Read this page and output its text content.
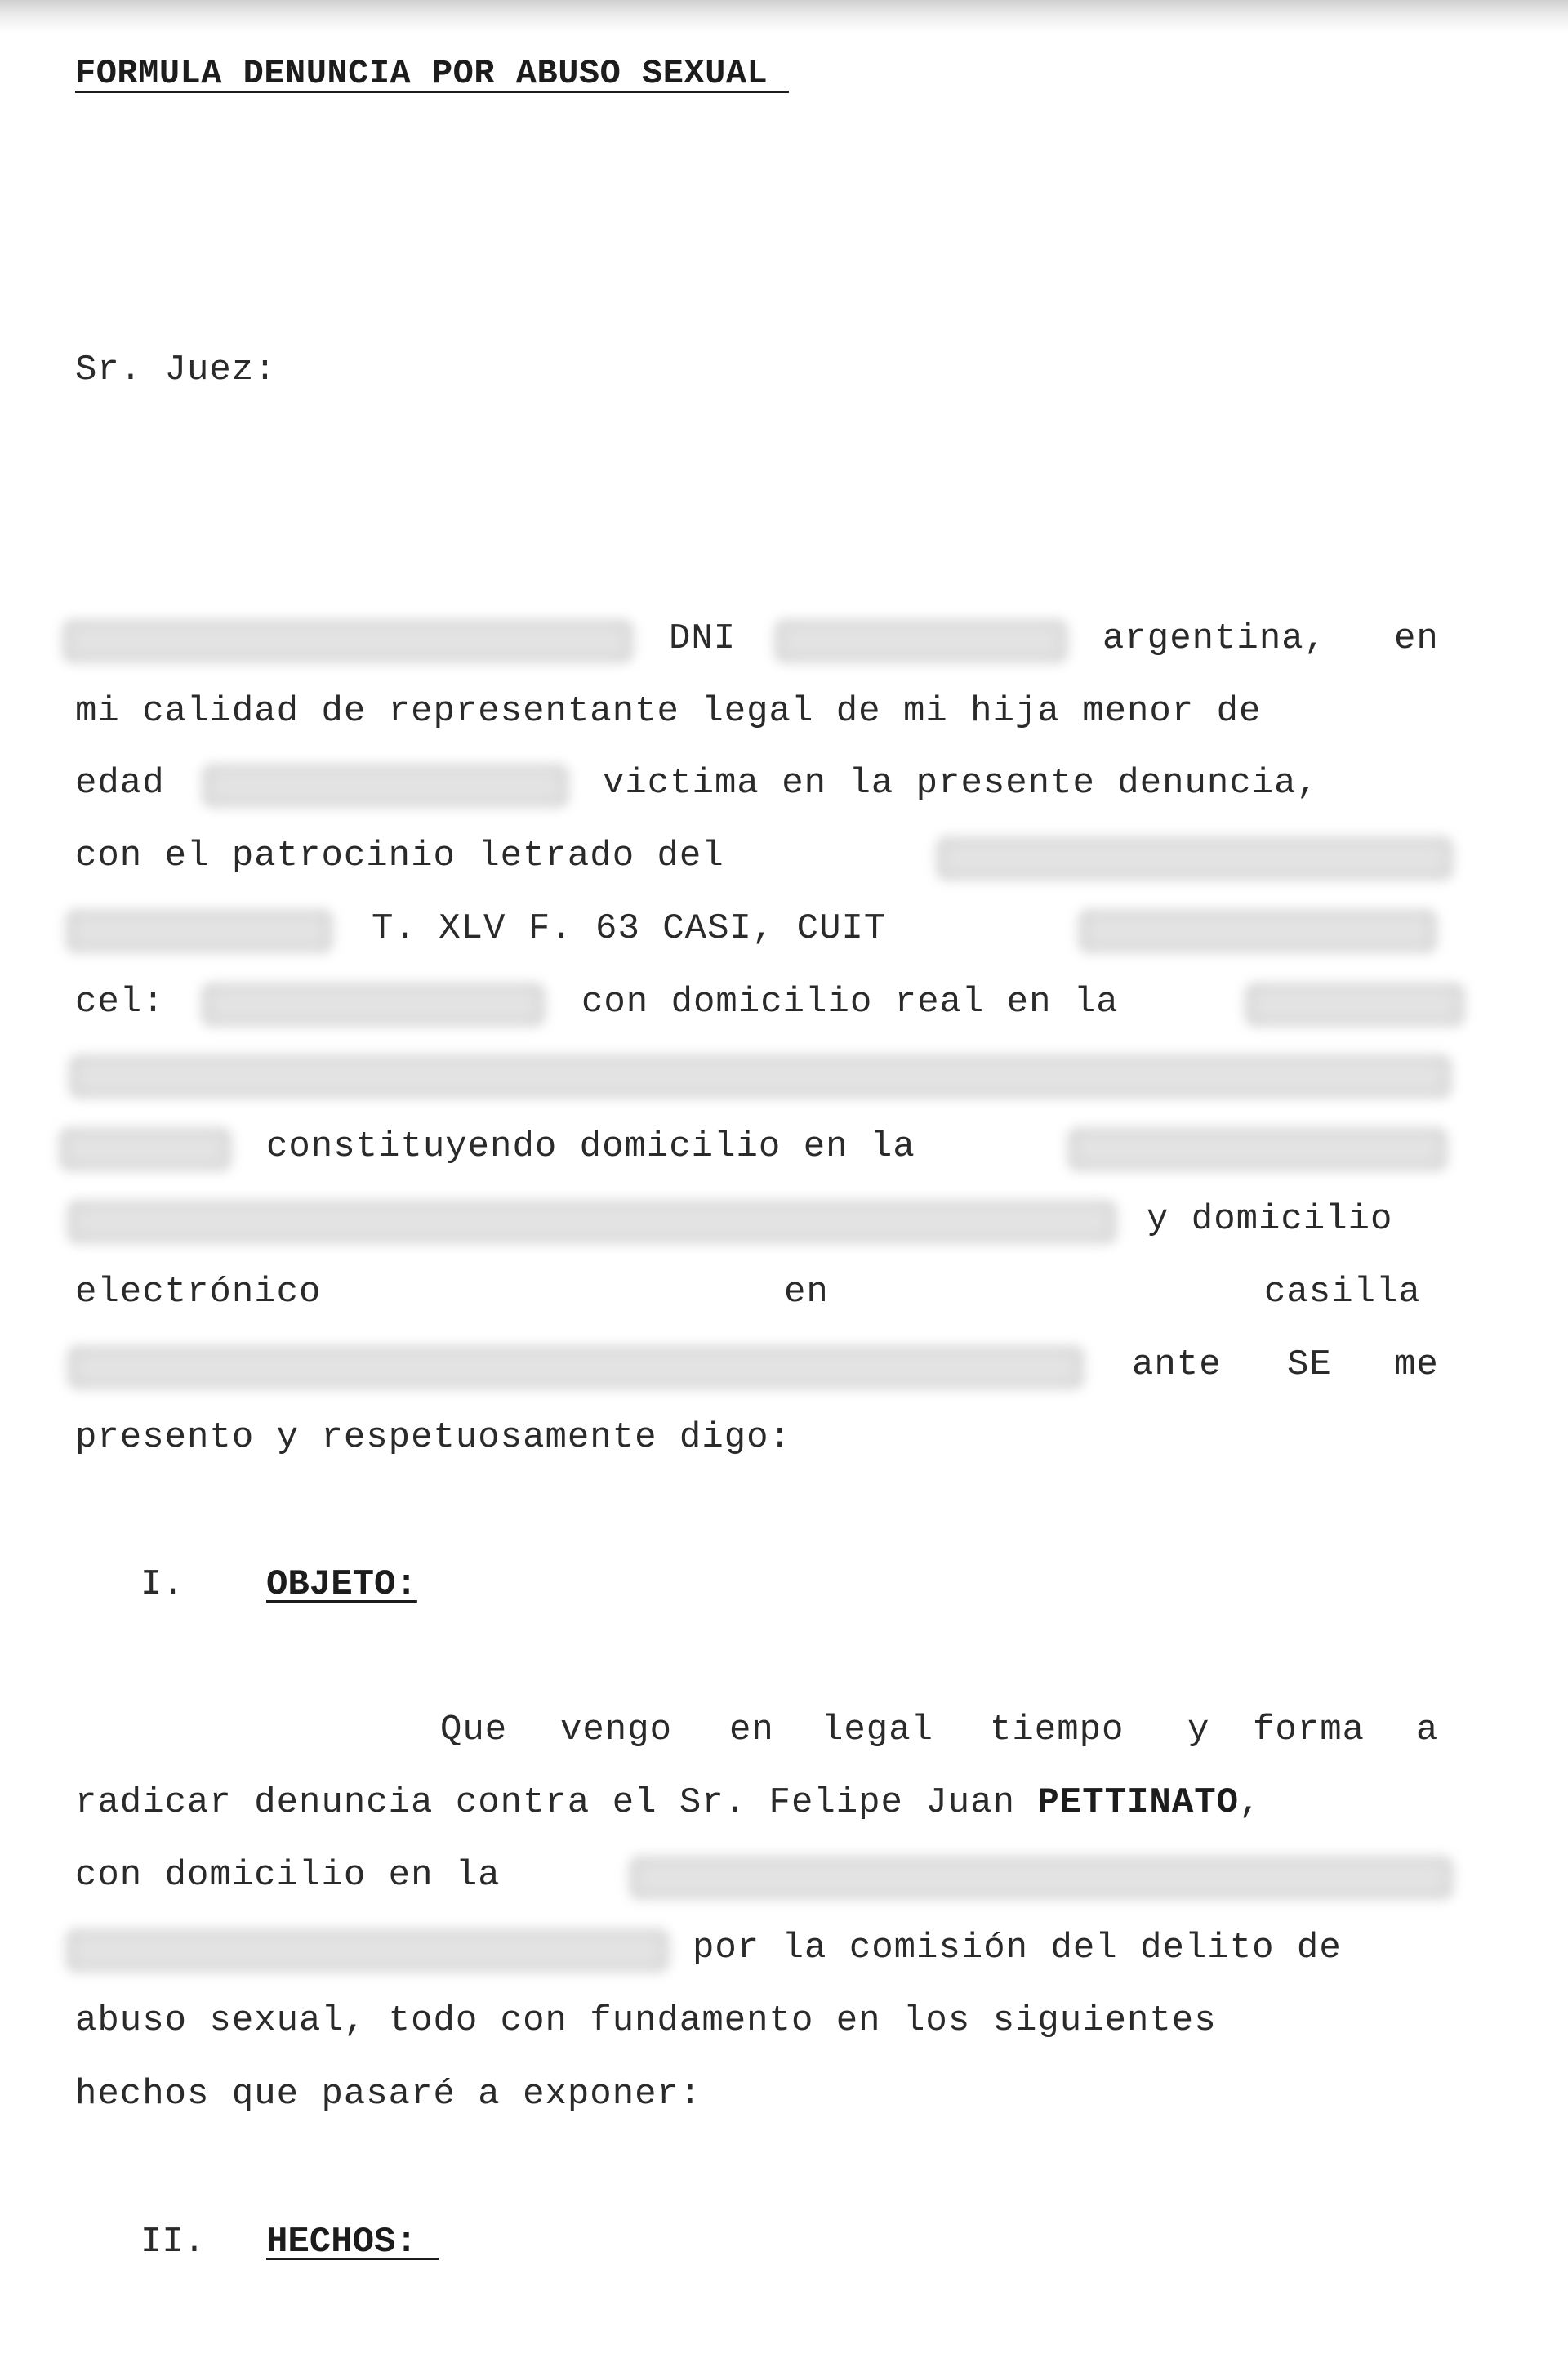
FORMULA DENUNCIA POR ABUSO SEXUAL
Sr. Juez:
DNI	argentina, en
mi calidad de representante legal de mi hija menor de
edad	victima en la presente denuncia,
con el patrocinio letrado del
T. XLV F. 63 CASI, CUIT
cel:	con domicilio real en la
constituyendo domicilio en la
y domicilio
electrónico	en	casilla
ante SE me
presento y respetuosamente digo:
I. OBJETO:
Que vengo en legal tiempo y forma a
radicar denuncia contra el Sr. Felipe Juan PETTINATO,
con domicilio en la
por la comisión del delito de
abuso sexual, todo con fundamento en los siguientes
hechos que pasaré a exponer:
II. HECHOS:
